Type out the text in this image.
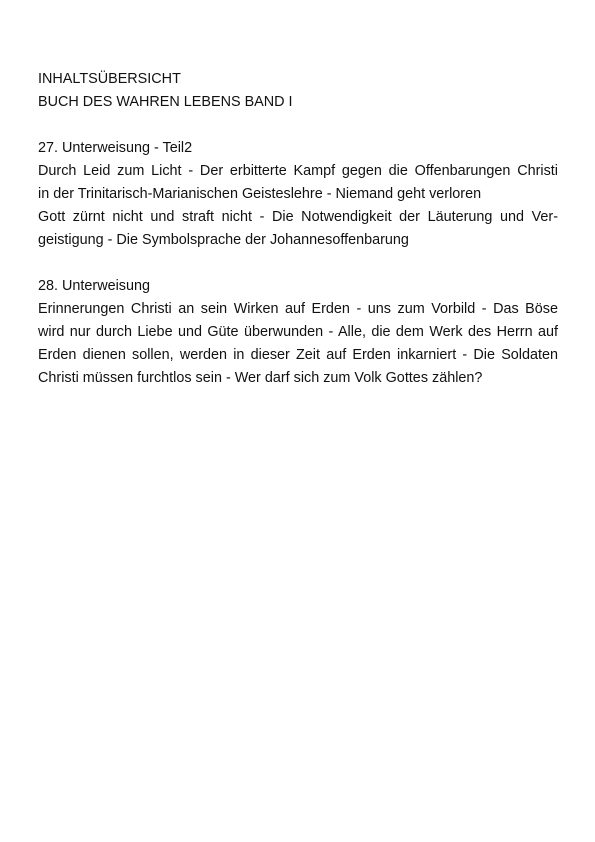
INHALTSÜBERSICHT
BUCH DES WAHREN LEBENS BAND I
27. Unterweisung - Teil2
Durch Leid zum Licht - Der erbitterte Kampf gegen die Offenbarungen Christi
in der Trinitarisch-Marianischen Geisteslehre - Niemand geht verloren
Gott zürnt nicht und straft nicht - Die Notwendigkeit der Läuterung und Ver-
geistigung - Die Symbolsprache der Johannesoffenbarung
28. Unterweisung
Erinnerungen Christi an sein Wirken auf Erden - uns zum Vorbild - Das Böse
wird nur durch Liebe und Güte überwunden - Alle, die dem Werk des Herrn auf
Erden dienen sollen, werden in dieser Zeit auf Erden inkarniert - Die Soldaten
Christi müssen furchtlos sein - Wer darf sich zum Volk Gottes zählen?
